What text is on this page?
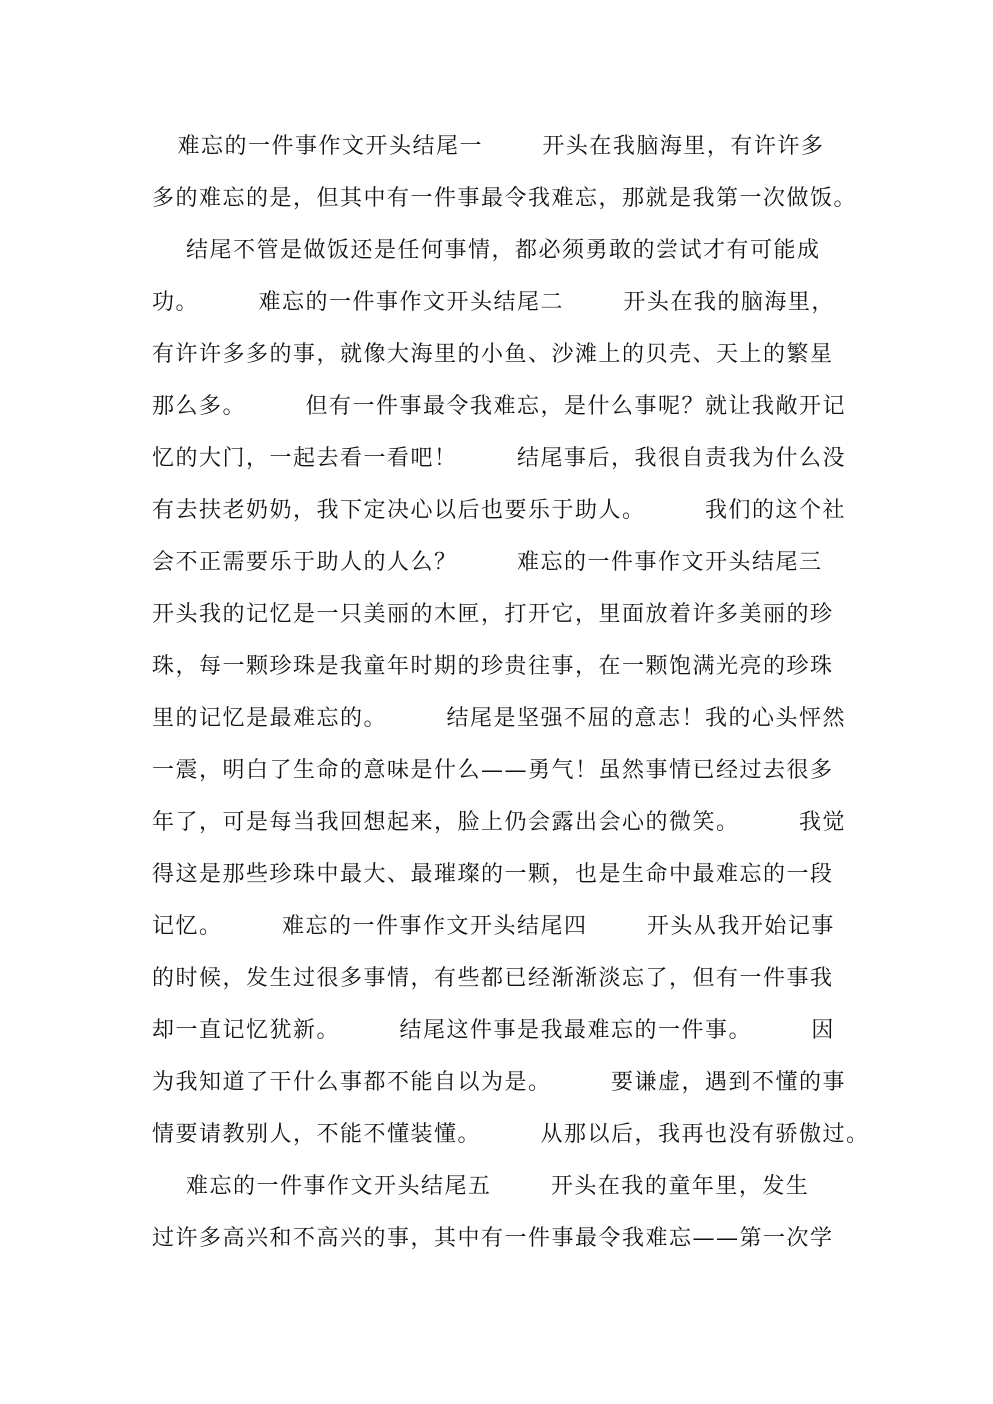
难忘的一件事作文开头结尾一       开头在我脑海里，有许许多
多的难忘的是，但其中有一件事最令我难忘，那就是我第一次做饭。
结尾不管是做饭还是任何事情，都必须勇敢的尝试才有可能成
功。       难忘的一件事作文开头结尾二       开头在我的脑海里，
有许许多多的事，就像大海里的小鱼、沙滩上的贝壳、天上的繁星
那么多。       但有一件事最令我难忘，是什么事呢？就让我敞开记
忆的大门，一起去看一看吧！       结尾事后，我很自责我为什么没
有去扶老奶奶，我下定决心以后也要乐于助人。       我们的这个社
会不正需要乐于助人的人么？       难忘的一件事作文开头结尾三
开头我的记忆是一只美丽的木匣，打开它，里面放着许多美丽的珍
珠，每一颗珍珠是我童年时期的珍贵往事，在一颗饱满光亮的珍珠
里的记忆是最难忘的。       结尾是坚强不屈的意志！我的心头怦然
一震，明白了生命的意味是什么——勇气！虽然事情已经过去很多
年了，可是每当我回想起来，脸上仍会露出会心的微笑。       我觉
得这是那些珍珠中最大、最璀璨的一颗，也是生命中最难忘的一段
记忆。       难忘的一件事作文开头结尾四       开头从我开始记事
的时候，发生过很多事情，有些都已经渐渐淡忘了，但有一件事我
却一直记忆犹新。       结尾这件事是我最难忘的一件事。       因
为我知道了干什么事都不能自以为是。       要谦虚，遇到不懂的事
情要请教别人，不能不懂装懂。       从那以后，我再也没有骄傲过。
难忘的一件事作文开头结尾五       开头在我的童年里，发生
过许多高兴和不高兴的事，其中有一件事最令我难忘——第一次学
